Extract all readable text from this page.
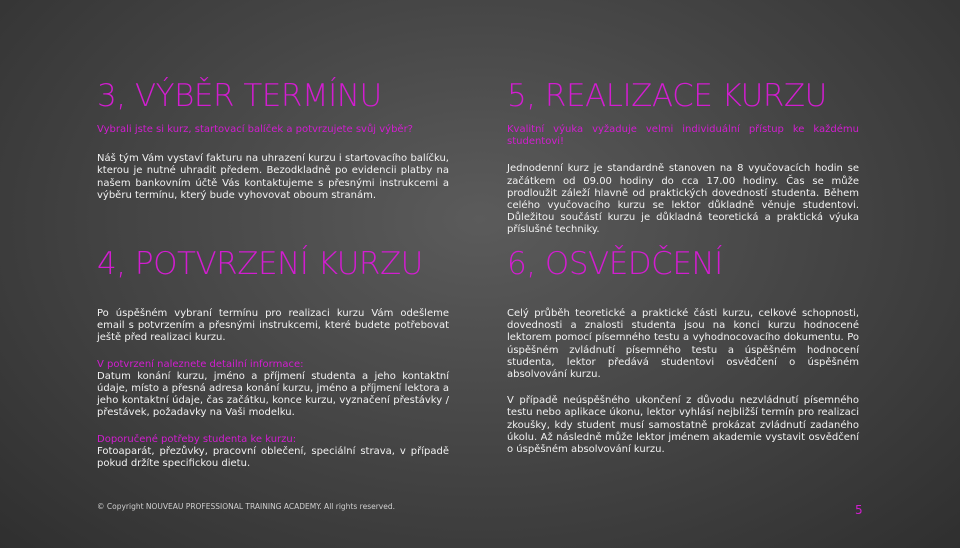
3, VÝBĚR TERMÍNU

Vybrali jste si kurz, startovací balíček a potvrzujete svůj výběr?

Náš tým Vám vystaví fakturu na uhrazení kurzu i startovacího balíčku, kterou je nutné uhradit předem. Bezodkladně po evidencii platby na našem bankovním účtě Vás kontaktujeme s přesnými instrukcemi a výběru termínu, který bude vyhovovat oboum stranám.

5, REALIZACE KURZU

Kvalitní výuka vyžaduje velmi individuální přístup ke každému studentovi!

Jednodenní kurz je standardně stanoven na 8 vyučovacích hodin se začátkem od 09.00 hodiny do cca 17.00 hodiny. Čas se může prodloužit záleží hlavně od praktických dovedností studenta. Během celého vyučovacího kurzu se lektor důkladně věnuje studentovi. Důležitou součástí kurzu je důkladná teoretická a praktická výuka příslušné techniky.

4, POTVRZENÍ KURZU

Po úspěšném vybraní termínu pro realizaci kurzu Vám odešleme email s potvrzením a přesnými instrukcemi, které budete potřebovat ještě před realizaci kurzu.

V potvrzení naleznete detailní informace:

Datum konání kurzu, jméno a příjmení studenta a jeho kontaktní údaje, místo a přesná adresa konání kurzu, jméno a příjmení lektora a jeho kontaktní údaje, čas začátku, konce kurzu, vyznačení přestávky / přestávek, požadavky na Vaši modelku.

Doporučené potřeby studenta ke kurzu:

Fotoaparát, přezůvky, pracovní oblečení, speciální strava, v případě pokud držíte specifickou dietu.

6, OSVĚDČENÍ

Celý průběh teoretické a praktické části kurzu, celkové schopnosti, dovednosti a znalosti studenta jsou na konci kurzu hodnocené lektorem pomocí písemného testu a vyhodnocovacího dokumentu. Po úspěšném zvládnutí písemného testu a úspěšném hodnocení studenta, lektor předává studentovi osvědčení o úspěšném absolvování kurzu.

V případě neúspěšného ukončení z důvodu nezvládnutí písemného testu nebo aplikace úkonu, lektor vyhlásí nejbližší termín pro realizaci zkoušky, kdy student musí samostatně prokázat zvládnutí zadaného úkolu. Až následně může lektor jménem akademie vystavit osvědčení o úspěšném absolvování kurzu.

© Copyright NOUVEAU PROFESSIONAL TRAINING ACADEMY. All rights reserved.	5
